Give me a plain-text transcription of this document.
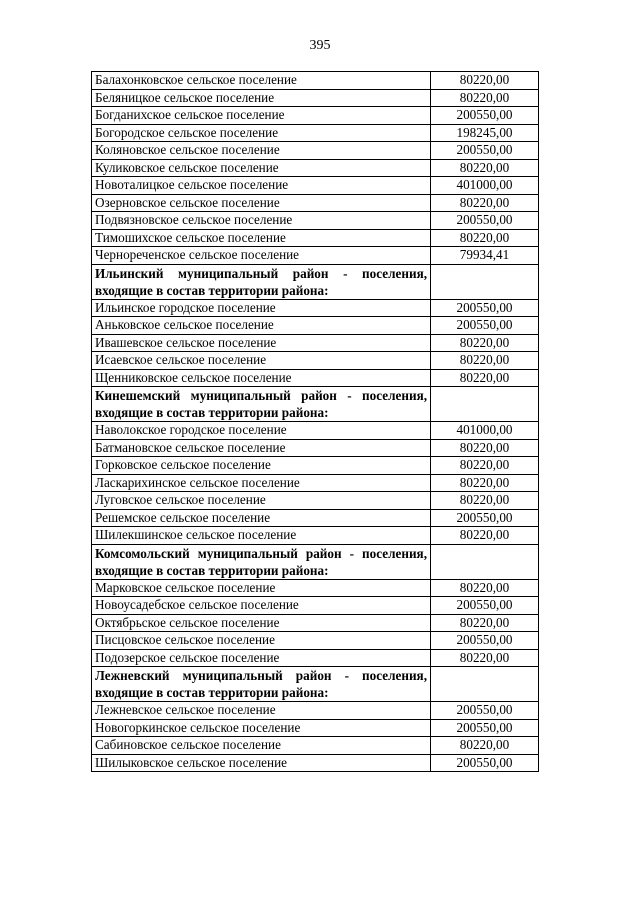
395
Балахонковское сельское поселение	80220,00
Беляницкое сельское поселение	80220,00
Богданихское сельское поселение	200550,00
Богородское сельское поселение	198245,00
Коляновское сельское поселение	200550,00
Куликовское сельское поселение	80220,00
Новоталицкое сельское поселение	401000,00
Озерновское сельское поселение	80220,00
Подвязновское сельское поселение	200550,00
Тимошихское сельское поселение	80220,00
Чернореченское сельское поселение	79934,41
Ильинский муниципальный район - поселения, входящие в состав территории района:	
Ильинское городское поселение	200550,00
Аньковское сельское поселение	200550,00
Ивашевское сельское поселение	80220,00
Исаевское сельское поселение	80220,00
Щенниковское сельское поселение	80220,00
Кинешемский муниципальный район - поселения, входящие в состав территории района:	
Наволокское городское поселение	401000,00
Батмановское сельское поселение	80220,00
Горковское сельское поселение	80220,00
Ласкарихинское сельское поселение	80220,00
Луговское сельское поселение	80220,00
Решемское сельское поселение	200550,00
Шилекшинское сельское поселение	80220,00
Комсомольский муниципальный район - поселения, входящие в состав территории района:	
Марковское сельское поселение	80220,00
Новоусадебское сельское поселение	200550,00
Октябрьское сельское поселение	80220,00
Писцовское сельское поселение	200550,00
Подозерское сельское поселение	80220,00
Лежневский муниципальный район - поселения, входящие в состав территории района:	
Лежневское сельское поселение	200550,00
Новогоркинское сельское поселение	200550,00
Сабиновское сельское поселение	80220,00
Шилыковское сельское поселение	200550,00
